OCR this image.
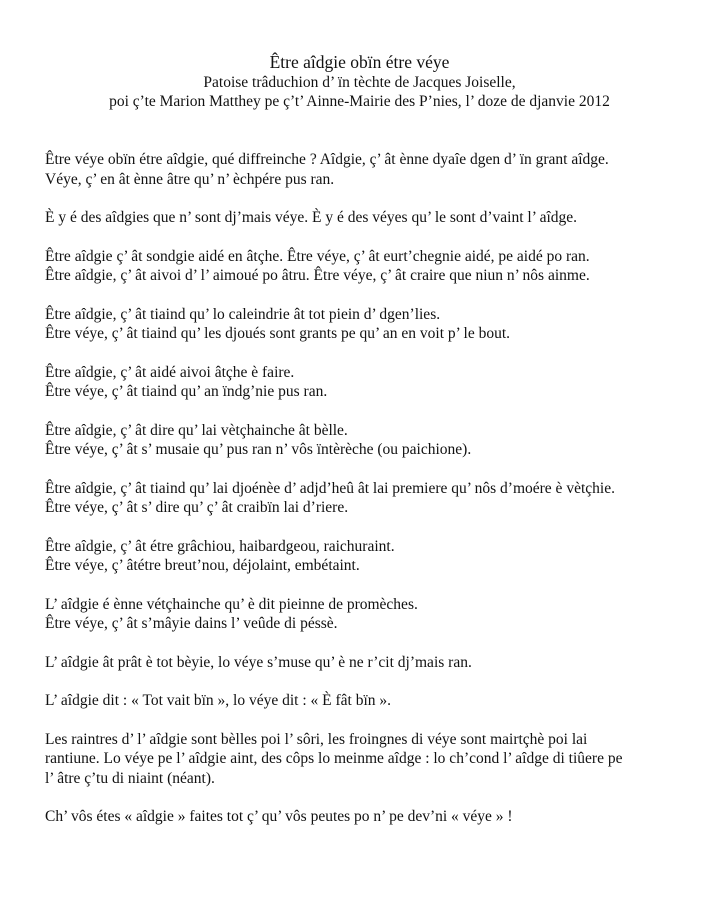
Être aîdgie obïn étre véye

Patoise trâduchion d’ ïn tèchte de Jacques Joiselle,

poi ç’te Marion Matthey pe ç’t’ Ainne-Mairie des P’nies, l’ doze de djanvie 2012

Être véye obïn étre aîdgie, qué diffreinche ? Aîdgie, ç’ ât ènne dyaîe dgen d’ ïn grant aîdge.
Véye, ç’ en ât ènne âtre qu’ n’ èchpére pus ran.

È y é des aîdgies que n’ sont dj’mais véye. È y é des véyes qu’ le sont d’vaint l’ aîdge.

Être aîdgie ç’ ât sondgie aidé en âtçhe. Être véye, ç’ ât eurt’chegnie aidé, pe aidé po ran.
Être aîdgie, ç’ ât aivoi d’ l’ aimoué po âtru. Être véye, ç’ ât craire que niun n’ nôs ainme.

Être aîdgie, ç’ ât tiaind qu’ lo caleindrie ât tot piein d’ dgen’lies.
Être véye, ç’ ât tiaind qu’ les djoués sont grants pe qu’ an en voit p’ le bout.

Être aîdgie, ç’ ât aidé aivoi âtçhe è faire.
Être véye, ç’ ât tiaind qu’ an ïndg’nie pus ran.

Être aîdgie, ç’ ât dire qu’ lai vètçhainche ât bèlle.
Être véye, ç’ ât s’ musaie qu’ pus ran n’ vôs ïntèrèche (ou paichione).

Être aîdgie, ç’ ât tiaind qu’ lai djoénèe d’ adjd’heû ât lai premiere qu’ nôs d’moére è vètçhie.
Être véye, ç’ ât s’ dire qu’ ç’ ât craibïn lai d’riere.

Être aîdgie, ç’ ât étre grâchiou, haibardgeou, raichuraint.
Être véye, ç’ âtétre breut’nou, déjolaint, embétaint.

L’ aîdgie é ènne vétçhainche qu’ è dit pieinne de promèches.
Être véye, ç’ ât s’mâyie dains l’ veûde di péssè.

L’ aîdgie ât prât è tot bèyie, lo véye s’muse qu’ è ne r’cit dj’mais ran.

L’ aîdgie dit : « Tot vait bïn », lo véye dit : « È fât bïn ».

Les raintres d’ l’ aîdgie sont bèlles poi l’ sôri, les froingnes di véye sont mairtçhè poi lai
rantiune. Lo véye pe l’ aîdgie aint, des côps lo meinme aîdge : lo ch’cond l’ aîdge di tiûere pe
l’ âtre ç’tu di niaint (néant).

Ch’ vôs étes « aîdgie » faites tot ç’ qu’ vôs peutes po n’ pe dev’ni « véye » !
